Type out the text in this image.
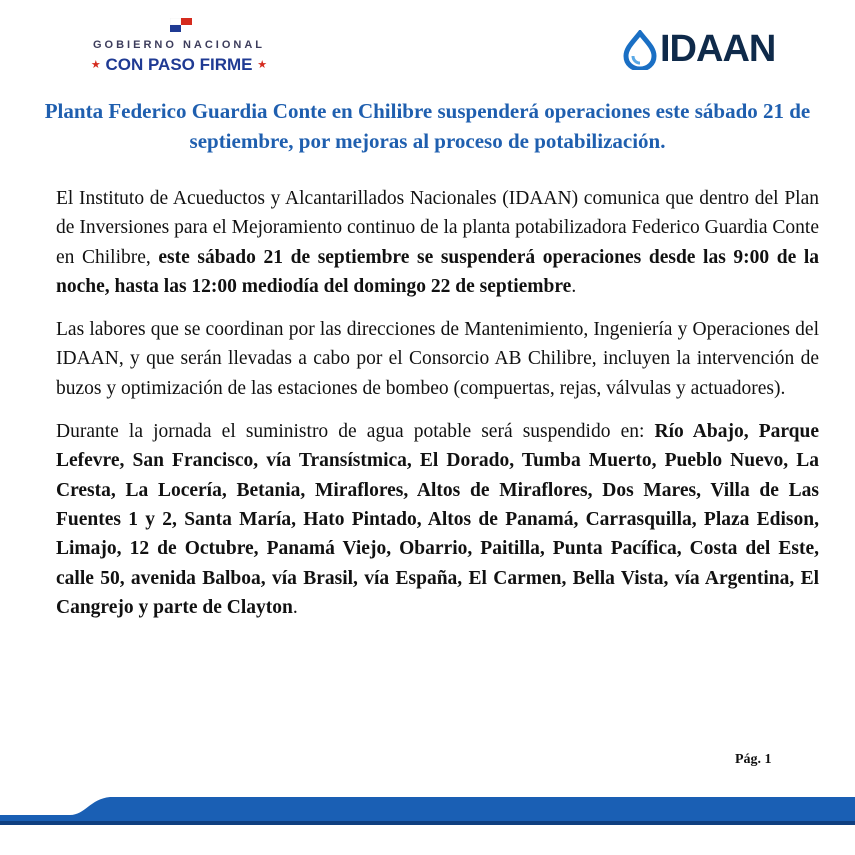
GOBIERNO NACIONAL
★ CON PASO FIRME ★	IDAAN
Planta Federico Guardia Conte en Chilibre suspenderá operaciones este sábado 21 de septiembre, por mejoras al proceso de potabilización.

El Instituto de Acueductos y Alcantarillados Nacionales (IDAAN) comunica que dentro del Plan de Inversiones para el Mejoramiento continuo de la planta potabilizadora Federico Guardia Conte en Chilibre, este sábado 21 de septiembre se suspenderá operaciones desde las 9:00 de la noche, hasta las 12:00 mediodía del domingo 22 de septiembre.

Las labores que se coordinan por las direcciones de Mantenimiento, Ingeniería y Operaciones del IDAAN, y que serán llevadas a cabo por el Consorcio AB Chilibre, incluyen la intervención de buzos y optimización de las estaciones de bombeo (compuertas, rejas, válvulas y actuadores).

Durante la jornada el suministro de agua potable será suspendido en: Río Abajo, Parque Lefevre, San Francisco, vía Transístmica, El Dorado, Tumba Muerto, Pueblo Nuevo, La Cresta, La Locería, Betania, Miraflores, Altos de Miraflores, Dos Mares, Villa de Las Fuentes 1 y 2, Santa María, Hato Pintado, Altos de Panamá, Carrasquilla, Plaza Edison, Limajo, 12 de Octubre, Panamá Viejo, Obarrio, Paitilla, Punta Pacífica, Costa del Este, calle 50, avenida Balboa, vía Brasil, vía España, El Carmen, Bella Vista, vía Argentina, El Cangrejo y parte de Clayton.

Pág. 1
